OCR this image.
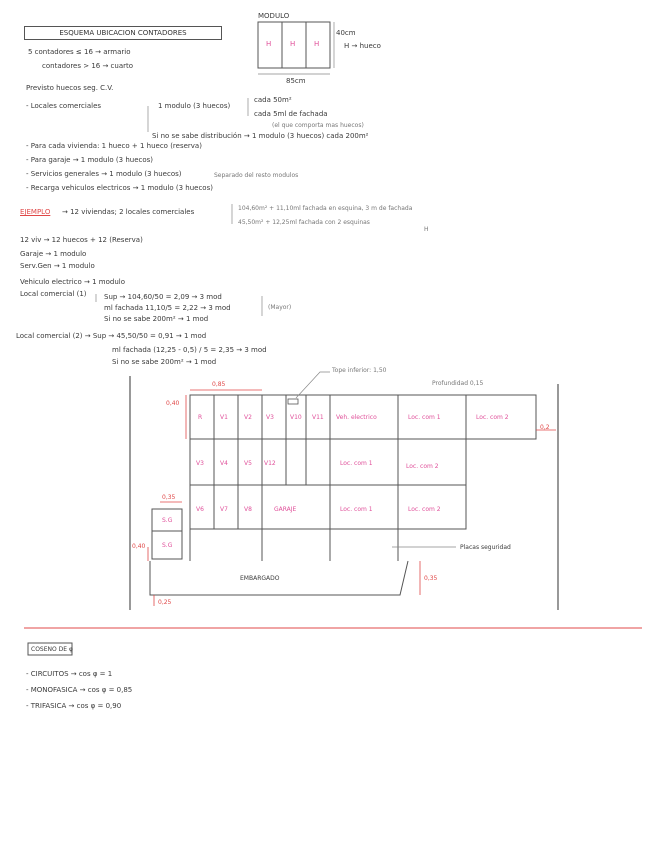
ESQUEMA UBICACION CONTADORES
MODULO
40cm
H → hueco
85cm
H	H	H
5 contadores ≤ 16 → armario
contadores > 16 → cuarto
Previsto huecos seg. C.V.
- Locales comerciales	1 modulo (3 huecos)
cada 50m²
cada 5ml de fachada
(el que comporta mas huecos)
Si no se sabe distribución → 1 modulo (3 huecos) cada 200m²
- Para cada vivienda: 1 hueco + 1 hueco (reserva)
- Para garaje → 1 modulo (3 huecos)
- Servicios generales → 1 modulo (3 huecos)	Separado del resto modulos
- Recarga vehiculos electricos → 1 modulo (3 huecos)
EJEMPLO → 12 viviendas; 2 locales comerciales	104,60m² + 11,10ml fachada en esquina, 3 m de fachada
45,50m² + 12,25ml fachada con 2 esquinas
H
12 viv → 12 huecos + 12 (Reserva)
Garaje → 1 modulo
Serv.Gen → 1 modulo
Vehiculo electrico → 1 modulo
Local comercial (1) Sup → 104,60/50 = 2,09 → 3 mod
ml fachada 11,10/5 = 2,22 → 3 mod
Si no se sabe 200m² → 1 mod
(Mayor)
Local comercial (2) → Sup → 45,50/50 = 0,91 → 1 mod
ml fachada (12,25 - 0,5) / 5 = 2,35 → 3 mod
Si no se sabe 200m² → 1 mod
Tope inferior: 1,50
Profundidad 0,15
0,85
0,40
0,2
0,35
0,40
0,25
0,35
R	V1	V2 V3	V10 V11 Veh. electrico	Loc. com 1	Loc. com 2
V3	V4	V5 V12	Loc. com 1	Loc. com 2
V6	V7	V8	GARAJE	Loc. com 1	Loc. com 2
S.G
S.G
EMBARGADO
Placas seguridad
COSENO DE φ
- CIRCUITOS → cos φ = 1
- MONOFASICA → cos φ = 0,85
- TRIFASICA → cos φ = 0,90
